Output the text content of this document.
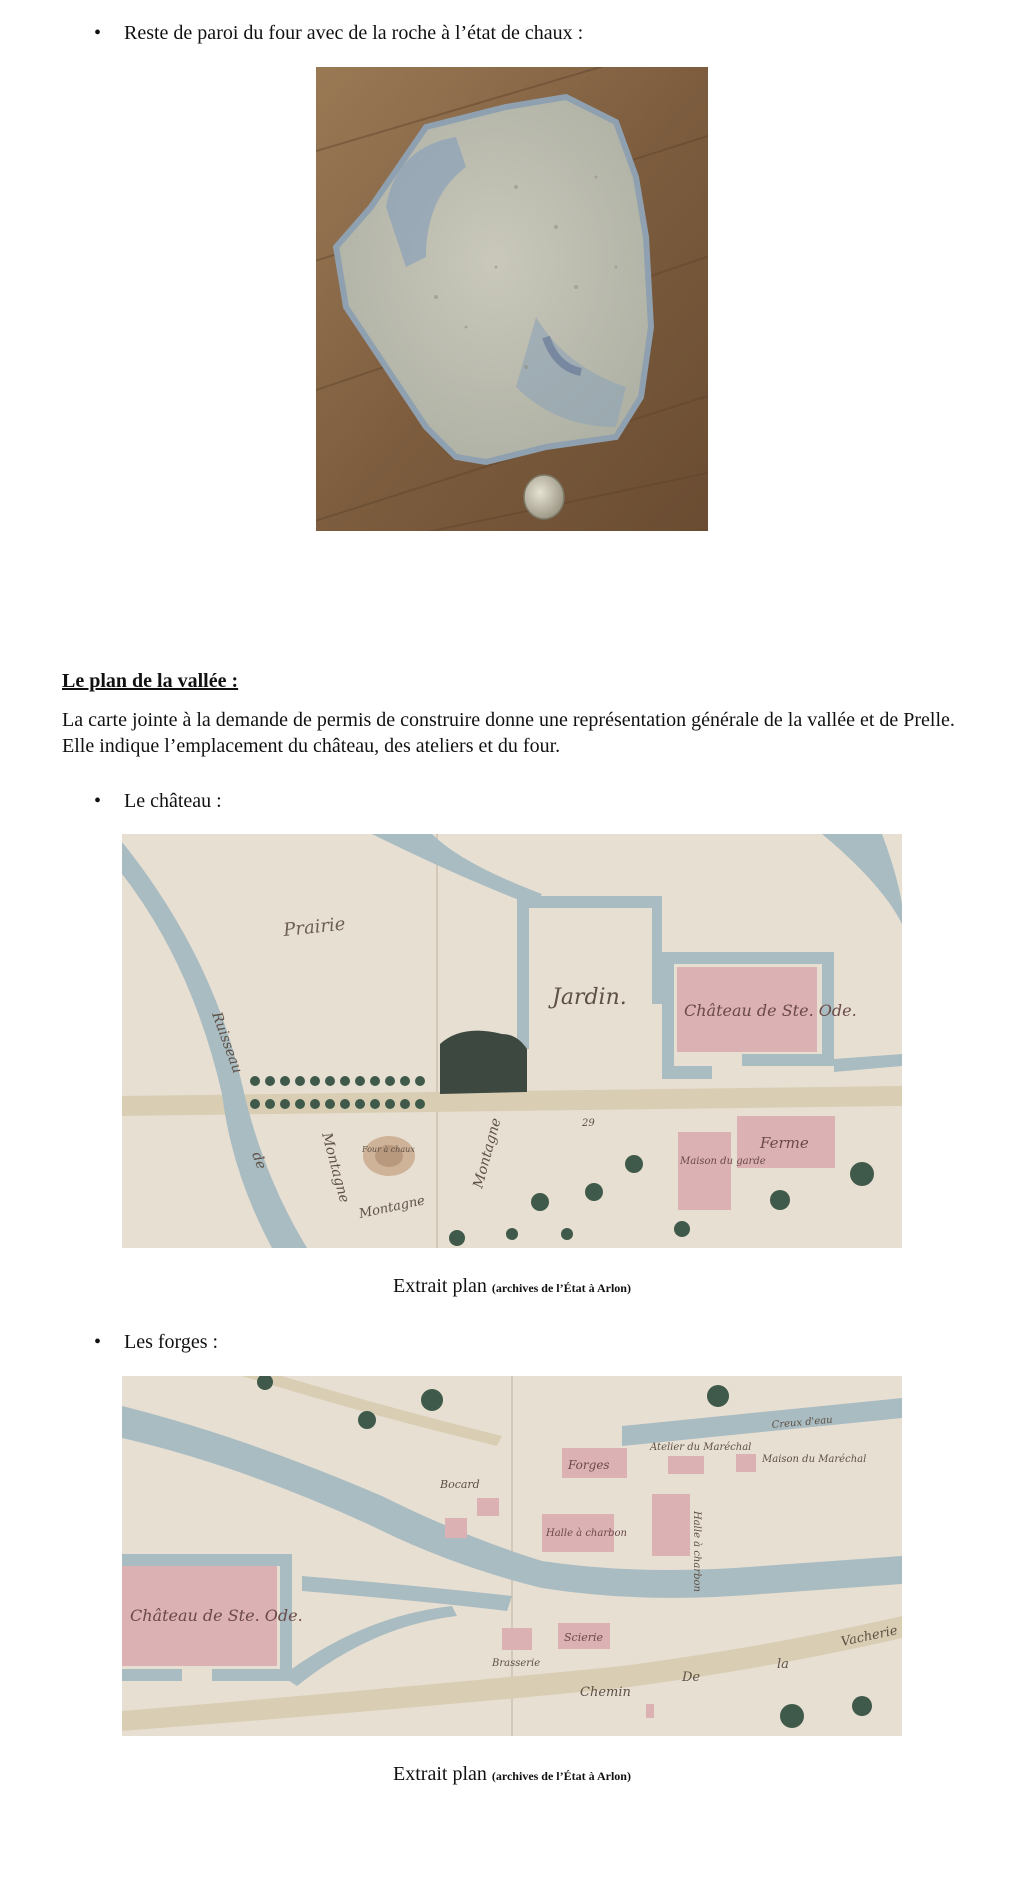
• Reste de paroi du four avec de la roche à l’état de chaux :
Le plan de la vallée :
La carte jointe à la demande de permis de construire donne une représentation générale de la vallée et de Prelle. Elle indique l’emplacement du château, des ateliers et du four.
• Le château :
Prairie
Jardin.
Château de Ste. Ode.
Ferme
Maison du garde
Four à chaux
Ruisseau
de	Montagne
Montagne
Montagne	29
Extrait plan (archives de l’État à Arlon)
• Les forges :
Forges
Atelier du Maréchal
Maison du Maréchal
Bocard
Halle à charbon	Halle à charbon
Château de Ste. Ode.
Scierie
Brasserie
Chemin
De
la
Vacherie
Creux d'eau
Extrait plan (archives de l’État à Arlon)
